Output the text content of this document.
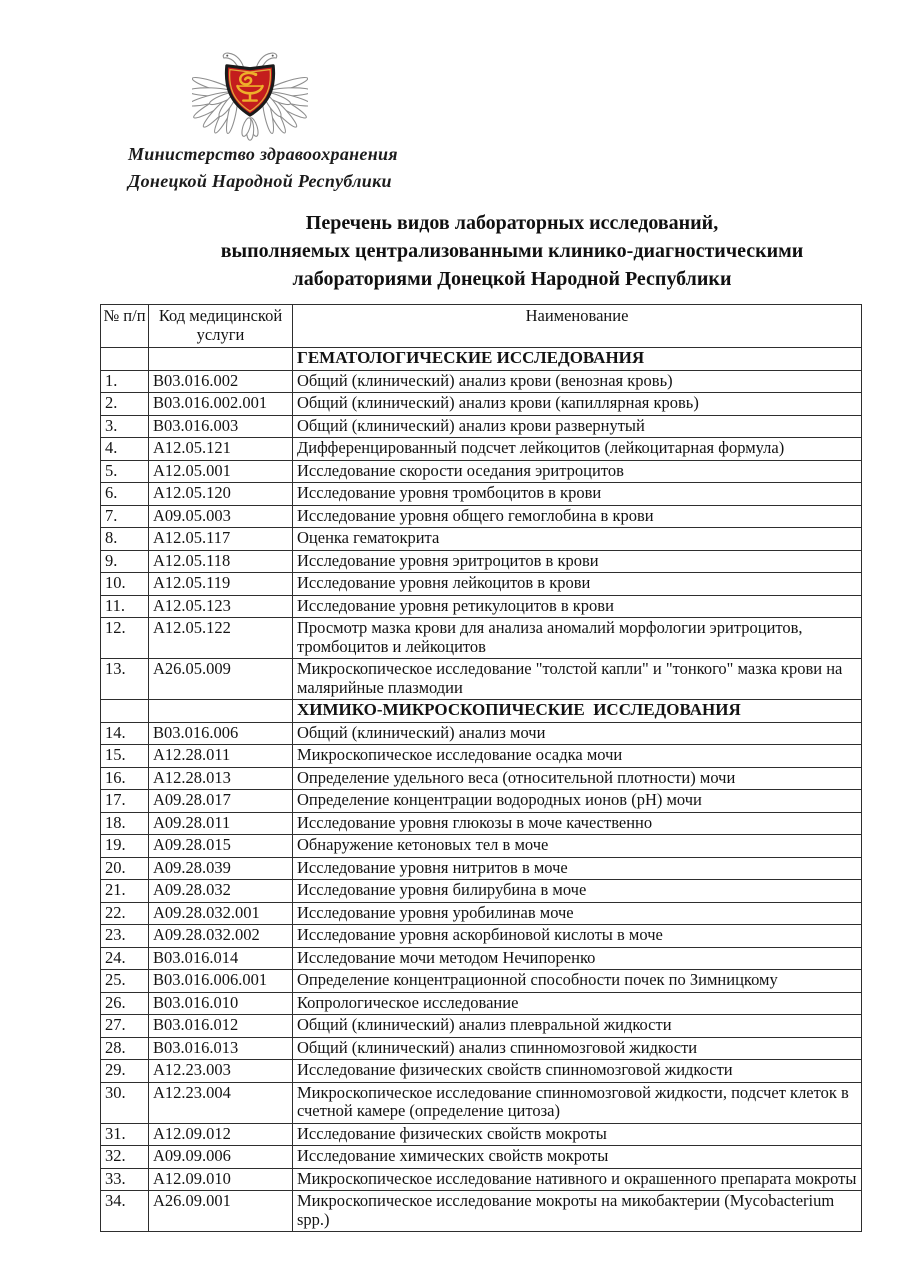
Министерство здравоохранения
Донецкой Народной Республики
Перечень видов лабораторных исследований,
выполняемых централизованными клинико-диагностическими
лабораториями Донецкой Народной Республики
№ п/п	Код медицинской услуги	Наименование
		ГЕМАТОЛОГИЧЕСКИЕ ИССЛЕДОВАНИЯ
1.	B03.016.002	Общий (клинический) анализ крови (венозная кровь)
2.	B03.016.002.001	Общий (клинический) анализ крови (капиллярная кровь)
3.	B03.016.003	Общий (клинический) анализ крови развернутый
4.	A12.05.121	Дифференцированный подсчет лейкоцитов (лейкоцитарная формула)
5.	A12.05.001	Исследование скорости оседания эритроцитов
6.	A12.05.120	Исследование уровня тромбоцитов в крови
7.	A09.05.003	Исследование уровня общего гемоглобина в крови
8.	A12.05.117	Оценка гематокрита
9.	A12.05.118	Исследование уровня эритроцитов в крови
10.	A12.05.119	Исследование уровня лейкоцитов в крови
11.	A12.05.123	Исследование уровня ретикулоцитов в крови
12.	A12.05.122	Просмотр мазка крови для анализа аномалий морфологии эритроцитов, тромбоцитов и лейкоцитов
13.	A26.05.009	Микроскопическое исследование "толстой капли" и "тонкого" мазка крови на малярийные плазмодии
		ХИМИКО-МИКРОСКОПИЧЕСКИЕ  ИССЛЕДОВАНИЯ
14.	B03.016.006	Общий (клинический) анализ мочи
15.	A12.28.011	Микроскопическое исследование осадка мочи
16.	A12.28.013	Определение удельного веса (относительной плотности) мочи
17.	A09.28.017	Определение концентрации водородных ионов (pH) мочи
18.	A09.28.011	Исследование уровня глюкозы в моче качественно
19.	A09.28.015	Обнаружение кетоновых тел в моче
20.	A09.28.039	Исследование уровня нитритов в моче
21.	A09.28.032	Исследование уровня билирубина в моче
22.	A09.28.032.001	Исследование уровня уробилинав моче
23.	A09.28.032.002	Исследование уровня аскорбиновой кислоты в моче
24.	B03.016.014	Исследование мочи методом Нечипоренко
25.	B03.016.006.001	Определение концентрационной способности почек по Зимницкому
26.	B03.016.010	Копрологическое исследование
27.	B03.016.012	Общий (клинический) анализ плевральной жидкости
28.	B03.016.013	Общий (клинический) анализ спинномозговой жидкости
29.	A12.23.003	Исследование физических свойств спинномозговой жидкости
30.	A12.23.004	Микроскопическое исследование спинномозговой жидкости, подсчет клеток в счетной камере (определение цитоза)
31.	A12.09.012	Исследование физических свойств мокроты
32.	A09.09.006	Исследование химических свойств мокроты
33.	A12.09.010	Микроскопическое исследование нативного и окрашенного препарата мокроты
34.	A26.09.001	Микроскопическое исследование мокроты на микобактерии (Mycobacterium spp.)
